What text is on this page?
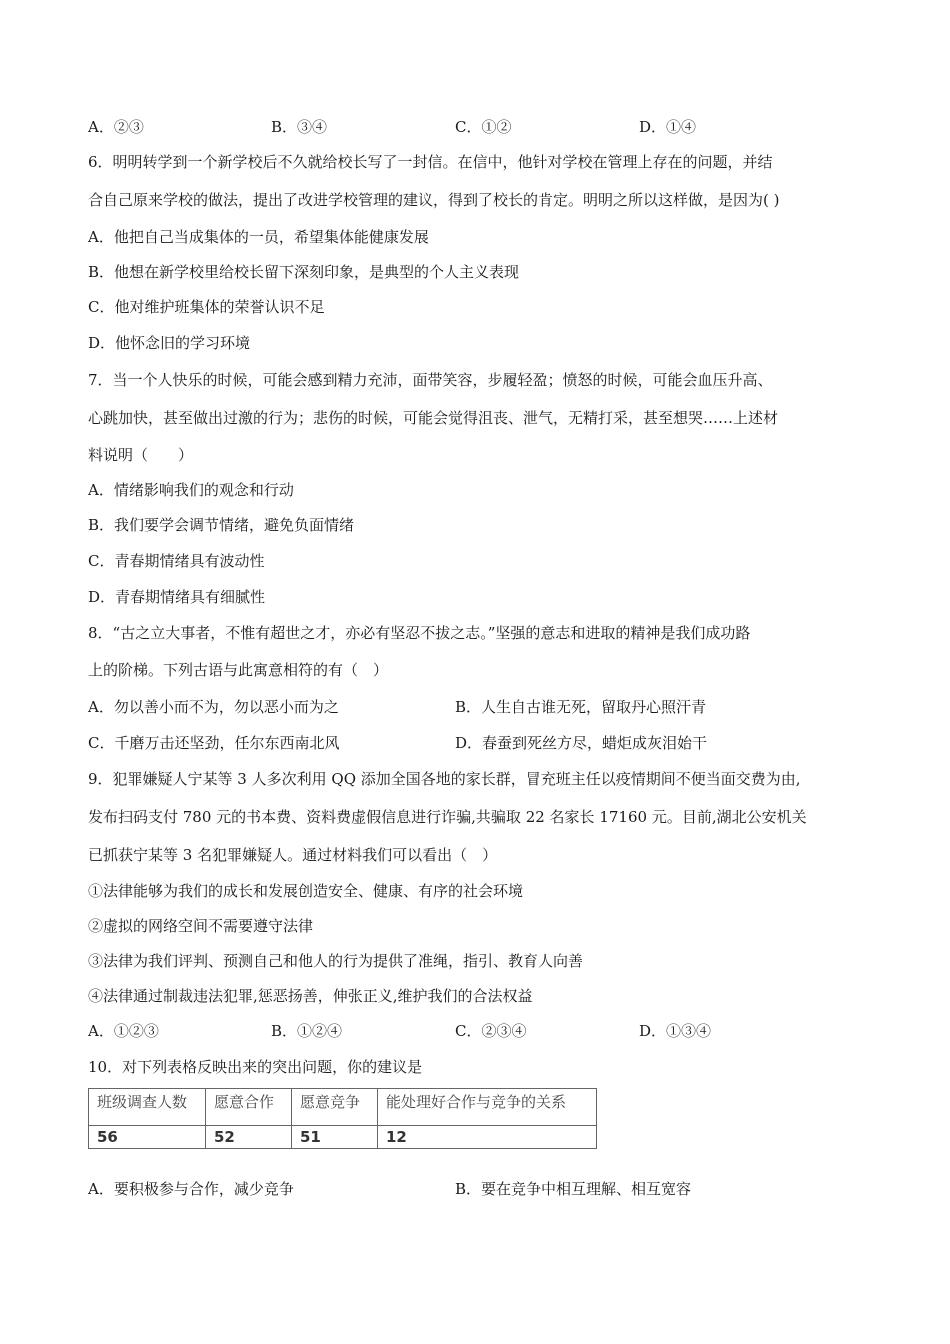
A．②③	B．③④	C．①②	D．①④
6．明明转学到一个新学校后不久就给校长写了一封信。在信中，他针对学校在管理上存在的问题，并结
合自己原来学校的做法，提出了改进学校管理的建议，得到了校长的肯定。明明之所以这样做，是因为( )
A．他把自己当成集体的一员，希望集体能健康发展
B．他想在新学校里给校长留下深刻印象，是典型的个人主义表现
C．他对维护班集体的荣誉认识不足
D．他怀念旧的学习环境
7．当一个人快乐的时候，可能会感到精力充沛，面带笑容，步履轻盈；愤怒的时候，可能会血压升高、
心跳加快，甚至做出过激的行为；悲伤的时候，可能会觉得沮丧、泄气，无精打采，甚至想哭……上述材
料说明（　　）
A．情绪影响我们的观念和行动
B．我们要学会调节情绪，避免负面情绪
C．青春期情绪具有波动性
D．青春期情绪具有细腻性
8．“古之立大事者，不惟有超世之才，亦必有坚忍不拔之志。”坚强的意志和进取的精神是我们成功路
上的阶梯。下列古语与此寓意相符的有（　）
A．勿以善小而不为，勿以恶小而为之	B．人生自古谁无死，留取丹心照汗青
C．千磨万击还坚劲，任尔东西南北风	D．春蚕到死丝方尽，蜡炬成灰泪始干
9．犯罪嫌疑人宁某等 3 人多次利用 QQ 添加全国各地的家长群，冒充班主任以疫情期间不便当面交费为由,
发布扫码支付 780 元的书本费、资料费虚假信息进行诈骗,共骗取 22 名家长 17160 元。目前,湖北公安机关
已抓获宁某等 3 名犯罪嫌疑人。通过材料我们可以看出（　）
①法律能够为我们的成长和发展创造安全、健康、有序的社会环境
②虚拟的网络空间不需要遵守法律
③法律为我们评判、预测自己和他人的行为提供了准绳，指引、教育人向善
④法律通过制裁违法犯罪,惩恶扬善，伸张正义,维护我们的合法权益
A．①②③	B．①②④	C．②③④	D．①③④
10．对下列表格反映出来的突出问题，你的建议是
班级调查人数	愿意合作	愿意竞争	能处理好合作与竞争的关系
56	52	51	12
A．要积极参与合作，减少竞争	B．要在竞争中相互理解、相互宽容
